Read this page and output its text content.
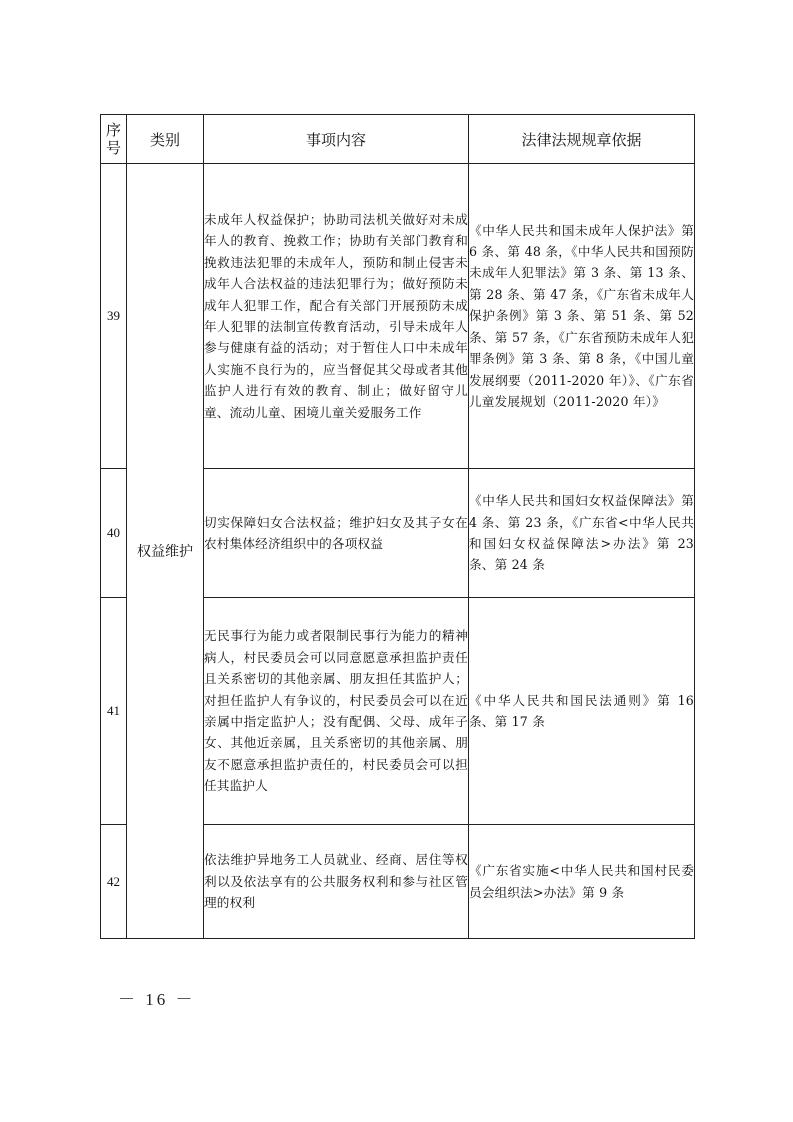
序号	类别	事项内容	法律法规规章依据
39	权益维护	未成年人权益保护；协助司法机关做好对未成年人的教育、挽救工作；协助有关部门教育和挽救违法犯罪的未成年人，预防和制止侵害未成年人合法权益的违法犯罪行为；做好预防未成年人犯罪工作，配合有关部门开展预防未成年人犯罪的法制宣传教育活动，引导未成年人参与健康有益的活动；对于暂住人口中未成年人实施不良行为的，应当督促其父母或者其他监护人进行有效的教育、制止；做好留守儿童、流动儿童、困境儿童关爱服务工作	《中华人民共和国未成年人保护法》第 6 条、第 48 条，《中华人民共和国预防未成年人犯罪法》第 3 条、第 13 条、第 28 条、第 47 条，《广东省未成年人保护条例》第 3 条、第 51 条、第 52 条、第 57 条，《广东省预防未成年人犯罪条例》第 3 条、第 8 条，《中国儿童发展纲要（2011-2020 年）》、《广东省儿童发展规划（2011-2020 年）》
40		切实保障妇女合法权益；维护妇女及其子女在农村集体经济组织中的各项权益	《中华人民共和国妇女权益保障法》第 4 条、第 23 条，《广东省<中华人民共和国妇女权益保障法>办法》第 23 条、第 24 条
41		无民事行为能力或者限制民事行为能力的精神病人，村民委员会可以同意愿意承担监护责任且关系密切的其他亲属、朋友担任其监护人；对担任监护人有争议的，村民委员会可以在近亲属中指定监护人；没有配偶、父母、成年子女、其他近亲属，且关系密切的其他亲属、朋友不愿意承担监护责任的，村民委员会可以担任其监护人	《中华人民共和国民法通则》第 16 条、第 17 条
42		依法维护异地务工人员就业、经商、居住等权利以及依法享有的公共服务权利和参与社区管理的权利	《广东省实施<中华人民共和国村民委员会组织法>办法》第 9 条
－ 16 －
